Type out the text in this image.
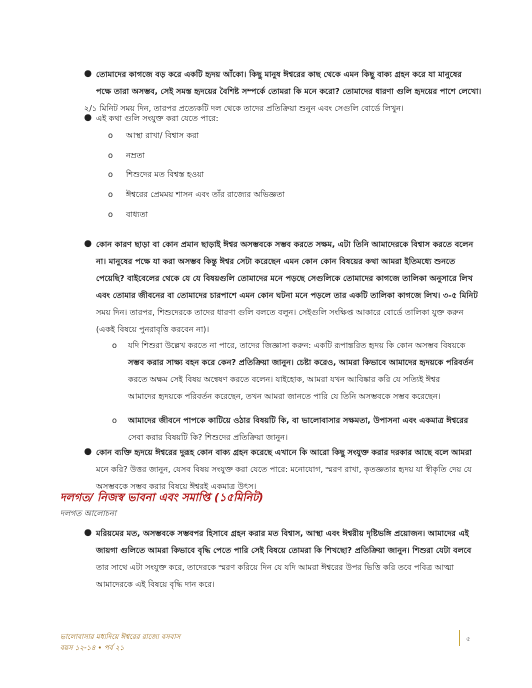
● তোমাদের কাগজে বড় করে একটি হৃদয় আঁকো। কিছু মানুষ ঈশ্বরের কাছ থেকে এমন কিছু বাক্য গ্রহন করে যা মানুষের
পক্ষে তারা অসম্ভব, সেই সমস্ত হৃদয়ের বৈশিষ্ট সম্পর্কে তোমরা কি মনে করো? তোমাদের ধারণা গুলি হৃদয়ের পাশে লেখো।
২/১ মিনিট সময় দিন, তারপর প্রত্যেকটি দল থেকে তাদের প্রতিক্রিয়া শুনুন এবং সেগুলি বোর্ডে লিখুন।
● এই কথা গুলি সংযুক্ত করা যেতে পারে:
o আস্থা রাখা/ বিশ্বাস করা
o নম্রতা
o শিশুদের মত বিশ্বস্ত হওয়া
o ঈশ্বরের প্রেমময় শাসন এবং তাঁর রাজ্যের অভিজ্ঞতা
o বাধ্যতা
● কোন কারণ ছাড়া বা কোন প্রমান ছাড়াই ঈশ্বর অসম্ভবকে সম্ভব করতে সক্ষম, এটা তিনি আমাদেরকে বিশ্বাস করতে বলেন
না। মানুষের পক্ষে যা করা অসম্ভব কিন্তু ঈশ্বর সেটা করেছেন এমন কোন কোন বিষয়ের কথা আমরা ইতিমধ্যে শুনতে
পেয়েছি? বাইবেলের থেকে যে যে বিষয়গুলি তোমাদের মনে পড়ছে সেগুলিকে তোমাদের কাগজে তালিকা অনুসারে লিখ
এবং তোমার জীবনের বা তোমাদের চারপাশে এমন কোন ঘটনা মনে পড়লে তার একটি তালিকা কাগজে লিখ। ৩-৫ মিনিট
সময় দিন। তারপর, শিশুদেরকে তাদের ধারণা গুলি বলতে বলুন। সেইগুলি সংক্ষিপ্ত আকারে বোর্ডে তালিকা যুক্ত করুন
(একই বিষয়ে পুনরাবৃত্তি করবেন না)।
o যদি শিশুরা উল্লেখ করতে না পারে, তাদের জিজ্ঞাসা করুন: একটি রূপান্তরিত হৃদয় কি কোন অসম্ভব বিষয়কে
সম্ভব করার সাক্ষ্য বহন করে কেন? প্রতিক্রিয়া জানুন। চেষ্টা করেও, আমরা কিভাবে আমাদের হৃদয়কে পরিবর্তন
করতে অক্ষম সেই বিষয় অন্বেষণ করতে বলেন। যাইহোক, আমরা যখন আবিষ্কার করি যে সত্যিই ঈশ্বর
আমাদের হৃদয়কে পরিবর্তন করেছেন, তখন আমরা জানতে পারি যে তিনি অসম্ভবকে সম্ভব করেছেন।
o আমাদের জীবনে পাপকে কাটিয়ে ওঠার বিষয়টি কি, বা ভালোবাসার সক্ষমতা, উপাসনা এবং একমাত্র ঈশ্বরের
সেবা করার বিষয়টি কি? শিশুদের প্রতিক্রিয়া জানুন।
● কোন ব্যক্তি হৃদয়ে ঈশ্বরের দুরূহ কোন বাক্য গ্রহন করেছে এখানে কি আরো কিছু সংযুক্ত করার দরকার আছে বলে আমরা
মনে করি? উত্তর জানুন, যেসব বিষয় সংযুক্ত করা যেতে পারে: মনোযোগ, স্মরণ রাখা, কৃতজ্ঞতার হৃদয় যা স্বীকৃতি দেয় যে
অসম্ভবকে সম্ভব করার বিষয়ে ঈশ্বরই একমাত্র উৎস।
দলগত/ নিজস্ব ভাবনা এবং সমাপ্তি (১৫মিনিট)
দলগত আলোচনা
● মরিয়মের মত, অসম্ভবকে সম্ভবপর হিসাবে গ্রহন করার মত বিশ্বাস, আস্থা এবং ঈশ্বরীয় দৃষ্টিভঙ্গি প্রয়োজন। আমাদের এই
জায়গা গুলিতে আমরা কিভাবে বৃদ্ধি পেতে পারি সেই বিষয়ে তোমরা কি শিখছো? প্রতিক্রিয়া জানুন। শিশুরা যেটা বলবে
তার সাথে এটা সংযুক্ত করে, তাদেরকে স্মরণ করিয়ে দিন যে যদি আমরা ঈশ্বরের উপর ভিত্তি করি তবে পবিত্র আত্মা
আমাদেরকে এই বিষয়ে বৃদ্ধি দান করে।
ভালোবাসার মধ্যদিয়ে ঈশ্বরের রাজ্যে বসবাস
বয়স ১২-১৪ • পর্ব ২১
৫
